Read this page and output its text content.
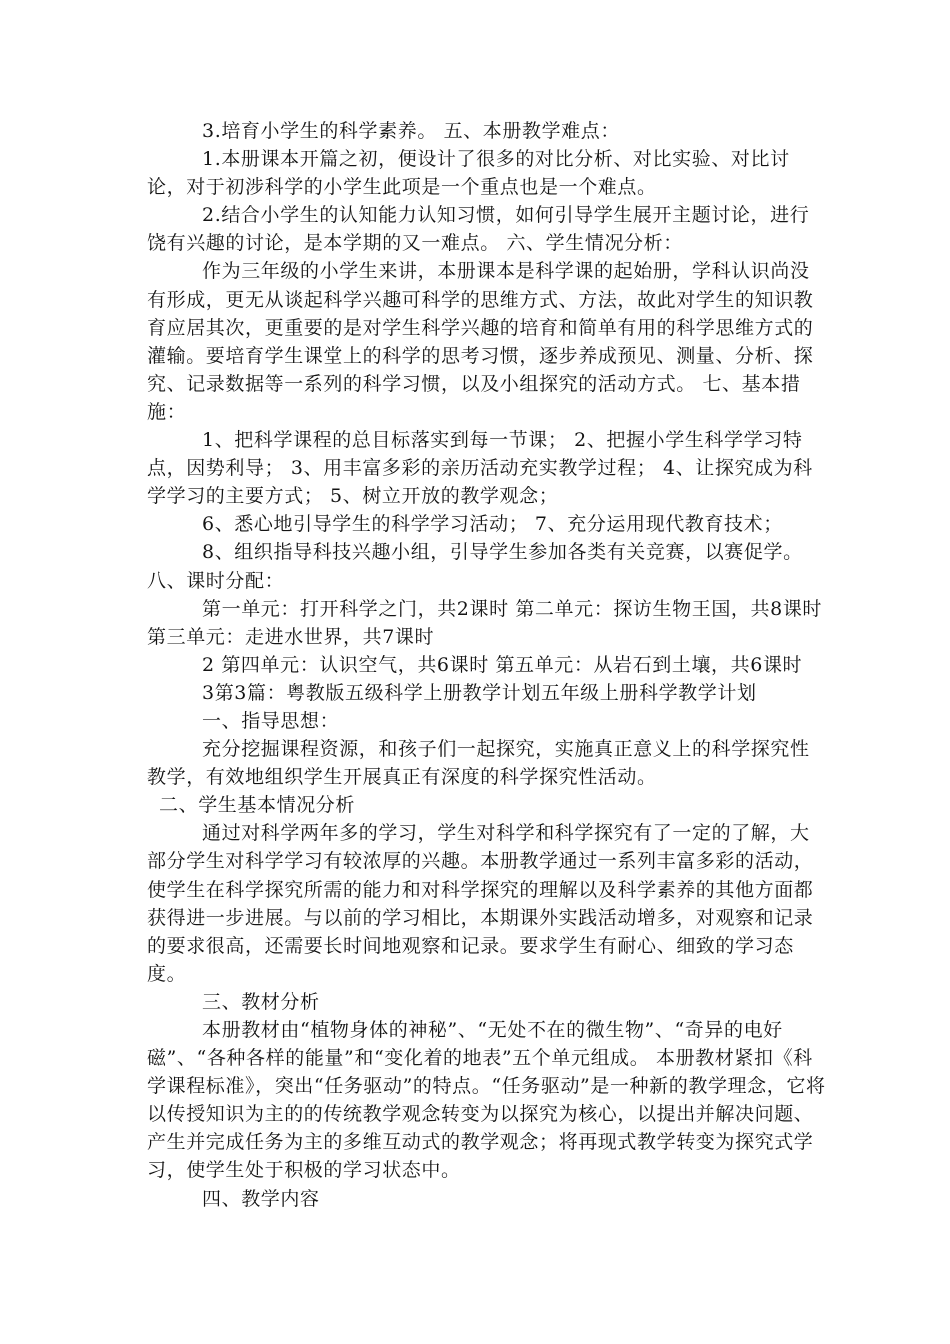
3.培育小学生的科学素养。 五、本册教学难点：

1.本册课本开篇之初，便设计了很多的对比分析、对比实验、对比讨论，对于初涉科学的小学生此项是一个重点也是一个难点。

2.结合小学生的认知能力认知习惯，如何引导学生展开主题讨论，进行饶有兴趣的讨论，是本学期的又一难点。 六、学生情况分析：

作为三年级的小学生来讲，本册课本是科学课的起始册，学科认识尚没有形成，更无从谈起科学兴趣可科学的思维方式、方法，故此对学生的知识教育应居其次，更重要的是对学生科学兴趣的培育和简单有用的科学思维方式的灌输。要培育学生课堂上的科学的思考习惯，逐步养成预见、测量、分析、探究、记录数据等一系列的科学习惯，以及小组探究的活动方式。 七、基本措施：

1、把科学课程的总目标落实到每一节课； 2、把握小学生科学学习特点，因势利导； 3、用丰富多彩的亲历活动充实教学过程； 4、让探究成为科学学习的主要方式； 5、树立开放的教学观念；

6、悉心地引导学生的科学学习活动； 7、充分运用现代教育技术；

8、组织指导科技兴趣小组，引导学生参加各类有关竞赛，以赛促学。 八、课时分配：

第一单元：打开科学之门，共2课时 第二单元：探访生物王国，共8课时 第三单元：走进水世界，共7课时

2 第四单元：认识空气，共6课时 第五单元：从岩石到土壤，共6课时

3第3篇：粤教版五级科学上册教学计划五年级上册科学教学计划

一、指导思想：

充分挖掘课程资源，和孩子们一起探究，实施真正意义上的科学探究性教学，有效地组织学生开展真正有深度的科学探究性活动。

二、学生基本情况分析

通过对科学两年多的学习，学生对科学和科学探究有了一定的了解，大部分学生对科学学习有较浓厚的兴趣。本册教学通过一系列丰富多彩的活动，使学生在科学探究所需的能力和对科学探究的理解以及科学素养的其他方面都获得进一步进展。与以前的学习相比，本期课外实践活动增多，对观察和记录的要求很高，还需要长时间地观察和记录。要求学生有耐心、细致的学习态度。

三、教材分析

本册教材由“植物身体的神秘”、“无处不在的微生物”、“奇异的电好磁”、“各种各样的能量”和“变化着的地表”五个单元组成。 本册教材紧扣《科学课程标准》，突出“任务驱动”的特点。“任务驱动”是一种新的教学理念，它将以传授知识为主的的传统教学观念转变为以探究为核心，以提出并解决问题、产生并完成任务为主的多维互动式的教学观念；将再现式教学转变为探究式学习，使学生处于积极的学习状态中。

四、教学内容
